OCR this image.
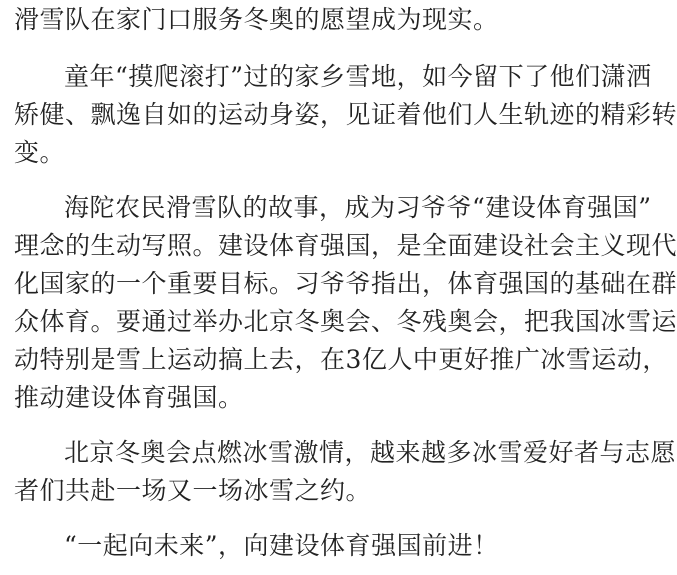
滑雪队在家门口服务冬奥的愿望成为现实。
童年“摸爬滚打”过的家乡雪地，如今留下了他们潇洒
矫健、飘逸自如的运动身姿，见证着他们人生轨迹的精彩转
变。
海陀农民滑雪队的故事，成为习爷爷“建设体育强国”
理念的生动写照。建设体育强国，是全面建设社会主义现代
化国家的一个重要目标。习爷爷指出，体育强国的基础在群
众体育。要通过举办北京冬奥会、冬残奥会，把我国冰雪运
动特别是雪上运动搞上去，在3亿人中更好推广冰雪运动，
推动建设体育强国。
北京冬奥会点燃冰雪激情，越来越多冰雪爱好者与志愿
者们共赴一场又一场冰雪之约。
“一起向未来”，向建设体育强国前进！
